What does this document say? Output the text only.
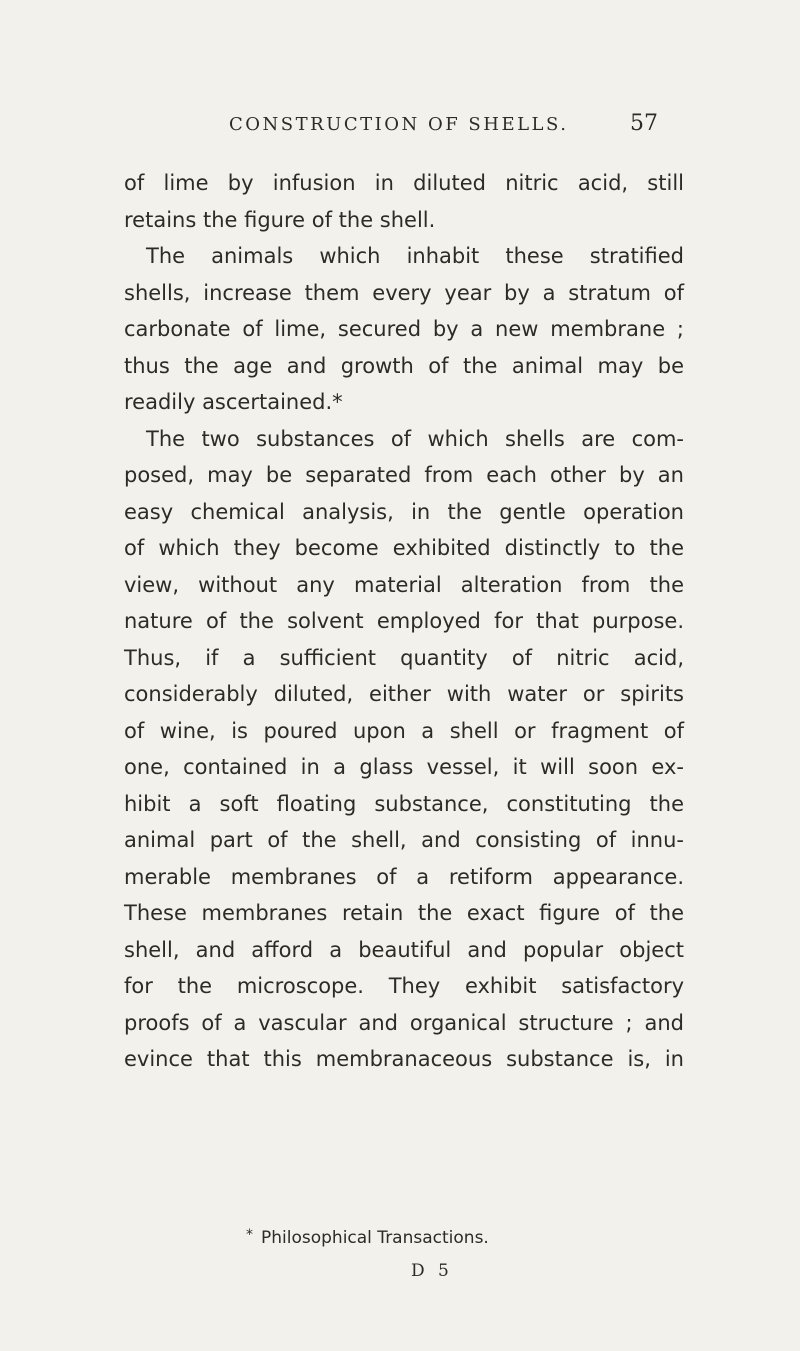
CONSTRUCTION OF SHELLS.	57
of lime by infusion in diluted nitric acid, still
retains the figure of the shell.
The animals which inhabit these stratified
shells, increase them every year by a stratum of
carbonate of lime, secured by a new membrane ;
thus the age and growth of the animal may be
readily ascertained.*
The two substances of which shells are com-
posed, may be separated from each other by an
easy chemical analysis, in the gentle operation
of which they become exhibited distinctly to the
view, without any material alteration from the
nature of the solvent employed for that purpose.
Thus, if a sufficient quantity of nitric acid,
considerably diluted, either with water or spirits
of wine, is poured upon a shell or fragment of
one, contained in a glass vessel, it will soon ex-
hibit a soft floating substance, constituting the
animal part of the shell, and consisting of innu-
merable membranes of a retiform appearance.
These membranes retain the exact figure of the
shell, and afford a beautiful and popular object
for the microscope. They exhibit satisfactory
proofs of a vascular and organical structure ; and
evince that this membranaceous substance is, in
* Philosophical Transactions.
D 5
